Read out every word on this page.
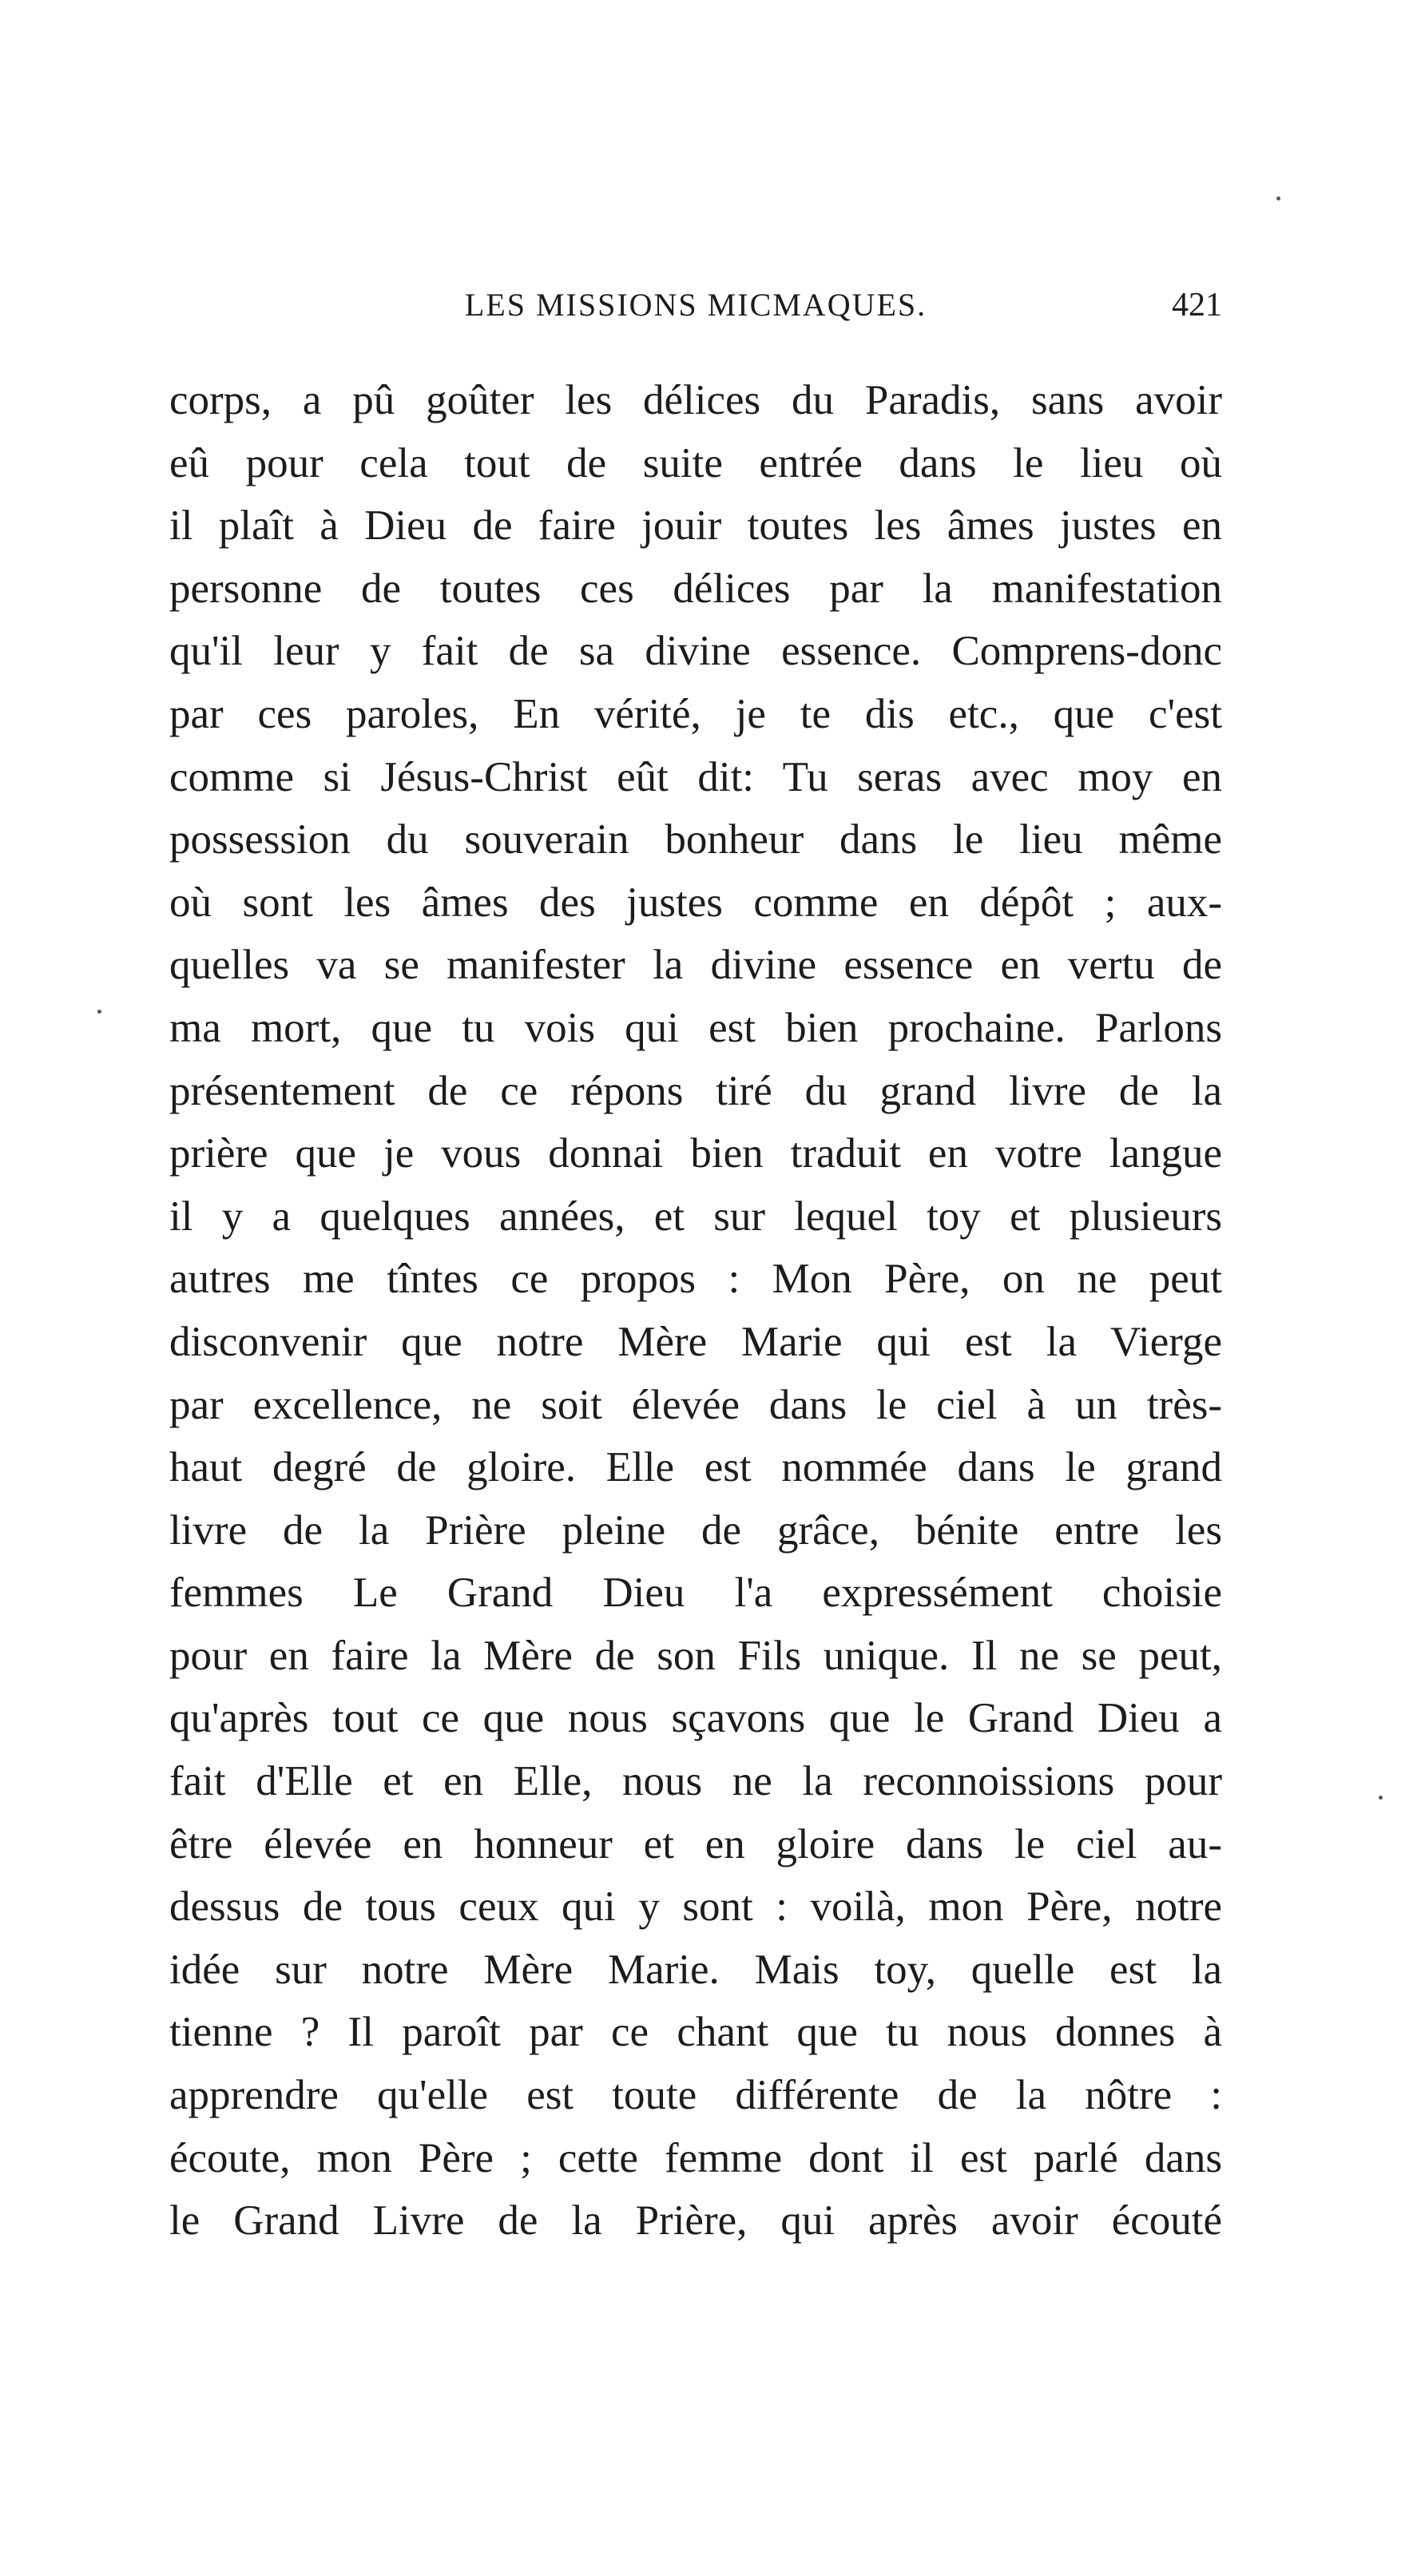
LES MISSIONS MICMAQUES.	421
corps, a pû goûter les délices du Paradis, sans avoir
eû pour cela tout de suite entrée dans le lieu où
il plaît à Dieu de faire jouir toutes les âmes justes en
personne de toutes ces délices par la manifestation
qu'il leur y fait de sa divine essence. Comprens-donc
par ces paroles, En vérité, je te dis etc., que c'est
comme si Jésus-Christ eût dit: Tu seras avec moy en
possession du souverain bonheur dans le lieu même
où sont les âmes des justes comme en dépôt ; aux-
quelles va se manifester la divine essence en vertu de
ma mort, que tu vois qui est bien prochaine. Parlons
présentement de ce répons tiré du grand livre de la
prière que je vous donnai bien traduit en votre langue
il y a quelques années, et sur lequel toy et plusieurs
autres me tîntes ce propos : Mon Père, on ne peut
disconvenir que notre Mère Marie qui est la Vierge
par excellence, ne soit élevée dans le ciel à un très-
haut degré de gloire. Elle est nommée dans le grand
livre de la Prière pleine de grâce, bénite entre les
femmes Le Grand Dieu l'a expressément choisie
pour en faire la Mère de son Fils unique. Il ne se peut,
qu'après tout ce que nous sçavons que le Grand Dieu a
fait d'Elle et en Elle, nous ne la reconnoissions pour
être élevée en honneur et en gloire dans le ciel au-
dessus de tous ceux qui y sont : voilà, mon Père, notre
idée sur notre Mère Marie. Mais toy, quelle est la
tienne ? Il paroît par ce chant que tu nous donnes à
apprendre qu'elle est toute différente de la nôtre :
écoute, mon Père ; cette femme dont il est parlé dans
le Grand Livre de la Prière, qui après avoir écouté
